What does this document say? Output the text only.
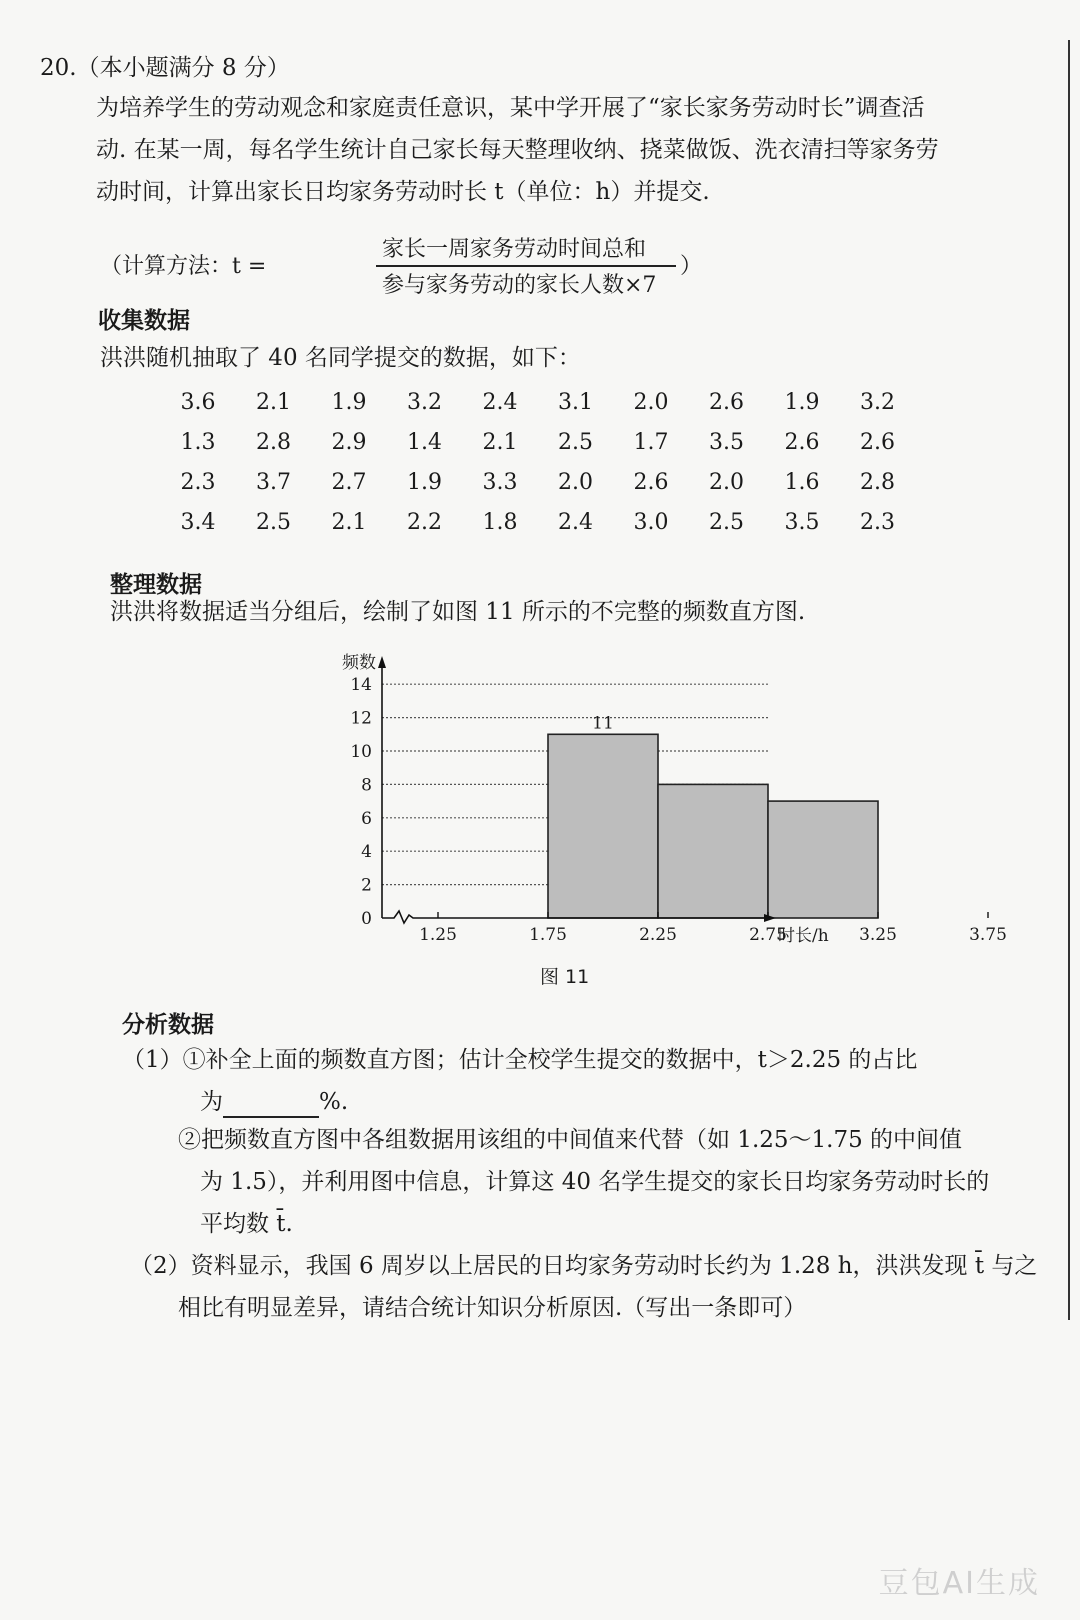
20.（本小题满分 8 分）
为培养学生的劳动观念和家庭责任意识，某中学开展了“家长家务劳动时长”调查活
动. 在某一周，每名学生统计自己家长每天整理收纳、挠菜做饭、洗衣清扫等家务劳
动时间，计算出家长日均家务劳动时长 t（单位：h）并提交.
（计算方法：t =
家长一周家务劳动时间总和
参与家务劳动的家长人数×7
）
收集数据
洪洪随机抽取了 40 名同学提交的数据，如下：
3.6	2.1	1.9	3.2	2.4	3.1	2.0	2.6	1.9	3.2
1.3	2.8	2.9	1.4	2.1	2.5	1.7	3.5	2.6	2.6
2.3	3.7	2.7	1.9	3.3	2.0	2.6	2.0	1.6	2.8
3.4	2.5	2.1	2.2	1.8	2.4	3.0	2.5	3.5	2.3
整理数据
洪洪将数据适当分组后，绘制了如图 11 所示的不完整的频数直方图.
0
2
4
6
8
10
12
14
11
1.25	1.75	2.25	2.75	3.25	3.75
频数
时长/h
图 11
分析数据
（1）①补全上面的频数直方图；估计全校学生提交的数据中，t＞2.25 的占比
为	%.
②把频数直方图中各组数据用该组的中间值来代替（如 1.25～1.75 的中间值
为 1.5），并利用图中信息，计算这 40 名学生提交的家长日均家务劳动时长的
平均数 t̄.
（2）资料显示，我国 6 周岁以上居民的日均家务劳动时长约为 1.28 h，洪洪发现 t̄ 与之
相比有明显差异，请结合统计知识分析原因.（写出一条即可）
豆包AI生成
